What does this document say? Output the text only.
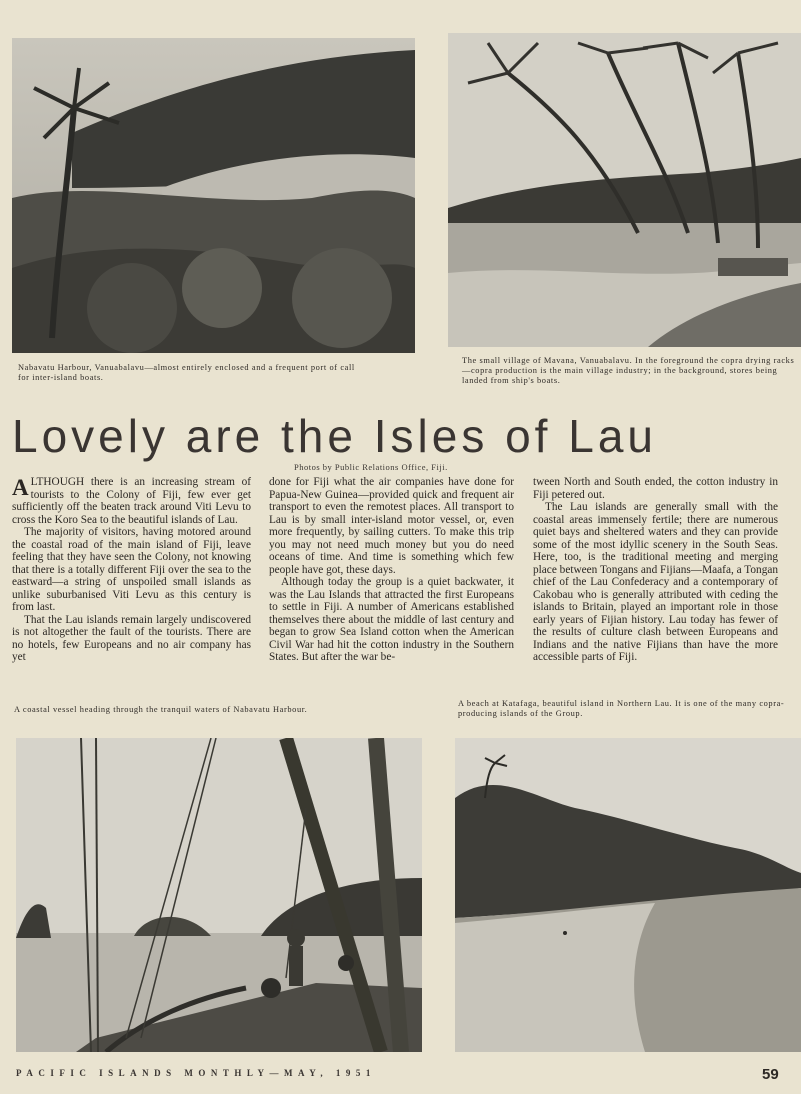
Nabavatu Harbour, Vanuabalavu—almost entirely enclosed and a frequent port of call for inter-island boats.
The small village of Mavana, Vanuabalavu. In the foreground the copra drying racks—copra production is the main village industry; in the background, stores being landed from ship's boats.
Lovely are the Isles of Lau
Photos by Public Relations Office, Fiji.

ALTHOUGH there is an increasing stream of tourists to the Colony of Fiji, few ever get sufficiently off the beaten track around Viti Levu to cross the Koro Sea to the beautiful islands of Lau.

The majority of visitors, having motored around the coastal road of the main island of Fiji, leave feeling that they have seen the Colony, not knowing that there is a totally different Fiji over the sea to the eastward—a string of unspoiled small islands as unlike suburbanised Viti Levu as this century is from last.

That the Lau islands remain largely undiscovered is not altogether the fault of the tourists. There are no hotels, few Europeans and no air company has yet

done for Fiji what the air companies have done for Papua-New Guinea—provided quick and frequent air transport to even the remotest places. All transport to Lau is by small inter-island motor vessel, or, even more frequently, by sailing cutters. To make this trip you may not need much money but you do need oceans of time. And time is something which few people have got, these days.

Although today the group is a quiet backwater, it was the Lau Islands that attracted the first Europeans to settle in Fiji. A number of Americans established themselves there about the middle of last century and began to grow Sea Island cotton when the American Civil War had hit the cotton industry in the Southern States. But after the war be-

tween North and South ended, the cotton industry in Fiji petered out.

The Lau islands are generally small with the coastal areas immensely fertile; there are numerous quiet bays and sheltered waters and they can provide some of the most idyllic scenery in the South Seas. Here, too, is the traditional meeting and merging place between Tongans and Fijians—Maafa, a Tongan chief of the Lau Confederacy and a contemporary of Cakobau who is generally attributed with ceding the islands to Britain, played an important role in those early years of Fijian history. Lau today has fewer of the results of culture clash between Europeans and Indians and the native Fijians than have the more accessible parts of Fiji.

A coastal vessel heading through the tranquil waters of Nabavatu Harbour.
A beach at Katafaga, beautiful island in Northern Lau. It is one of the many copra-producing islands of the Group.
PACIFIC ISLANDS MONTHLY—MAY, 1951	59
